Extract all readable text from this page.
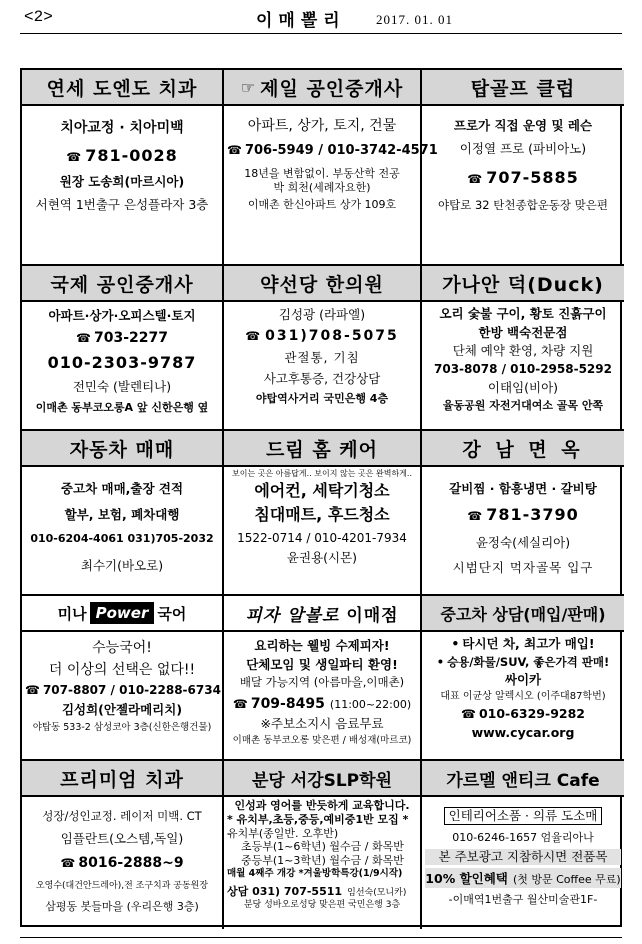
<2>	이매뽈리 2017. 01. 01
연세 도엔도 치과
치아교정 · 치아미백
☎ 781-0028
원장 도송희(마르시아)
서현역 1번출구 은성플라자 3층
☞ 제일 공인중개사
아파트, 상가, 토지, 건물
☎ 706-5949 / 010-3742-4571
18년을 변함없이. 부동산학 전공
박 희천(세례자요한)
이매촌 한신아파트 상가 109호
탑골프 클럽
프로가 직접 운영 및 레슨
이정열 프로 (파비아노)
☎ 707-5885
야탑로 32 탄천종합운동장 맞은편
국제 공인중개사
아파트·상가·오피스텔·토지
☎ 703-2277
010-2303-9787
전민숙 (발렌티나)
이매촌 동부코오롱A 앞 신한은행 옆
약선당 한의원
김성광 (라파엘)
☎ 031)708-5075
관절통, 기침
사고후통증, 건강상담
야탑역사거리 국민은행 4층
가나안 덕(Duck)
오리 숯불 구이, 황토 진흙구이
한방 백숙전문점
단체 예약 환영, 차량 지원
703-8078 / 010-2958-5292
이태임(비아)
율동공원 자전거대여소 골목 안쪽
자동차 매매
중고차 매매,출장 견적
할부, 보험, 폐차대행
010-6204-4061 031)705-2032
최수기(바오로)
드림 홈 케어
보이는 곳은 아름답게.. 보이지 않는 곳은 완벽하게..
에어컨, 세탁기청소
침대매트, 후드청소
1522-0714 / 010-4201-7934
윤권용(시몬)
강 남 면 옥
갈비찜 · 함흥냉면 · 갈비탕
☎ 781-3790
윤정숙(세실리아)
시범단지 먹자골목 입구
미나 Power 국어
수능국어!
더 이상의 선택은 없다!!
☎ 707-8807 / 010-2288-6734
김성희(안젤라메리치)
야탑동 533-2 삼성코아 3층(신한은행건물)
피자 알볼로
이매점
요리하는 웰빙 수제피자!
단체모임 및 생일파티 환영!
배달 가능지역 (아름마을,이매촌)
☎ 709-8495 (11:00~22:00)
※주보소지시 음료무료
이매촌 동부코오롱 맞은편 / 배성재(마르코)
중고차 상담(매입/판매)
• 타시던 차, 최고가 매입!
• 승용/화물/SUV, 좋은가격 판매!
싸이카
대표 이균상 알렉시오 (이주대87학번)
☎ 010-6329-9282
www.cycar.org
프리미엄 치과
성장/성인교정. 레이저 미백. CT
임플란트(오스템,독일)
☎ 8016-2888~9
오영수(대건안드레아),전 조구치과 공동원장
삼평동 봇들마을 (우리은행 3층)
분당 서강SLP학원
인성과 영어를 반듯하게 교육합니다.
* 유치부,초등,중등,예비중1반 모집 *
유치부(종일반. 오후반)
초등부(1~6학년) 월수금 / 화목반
중등부(1~3학년) 월수금 / 화목반
매월 4째주 개강 *겨울방학특강(1/9시작)
상담 031) 707-5511 임선숙(모니카)
분당 성바오로성당 맞은편 국민은행 3층
가르멜 앤티크 Cafe
인테리어소품 · 의류 도소매
010-6246-1657 엄율리아나
본 주보광고 지참하시면 전품목
10% 할인혜택 (첫 방문 Coffee 무료)
-이매역1번출구 월산미술관1F-
